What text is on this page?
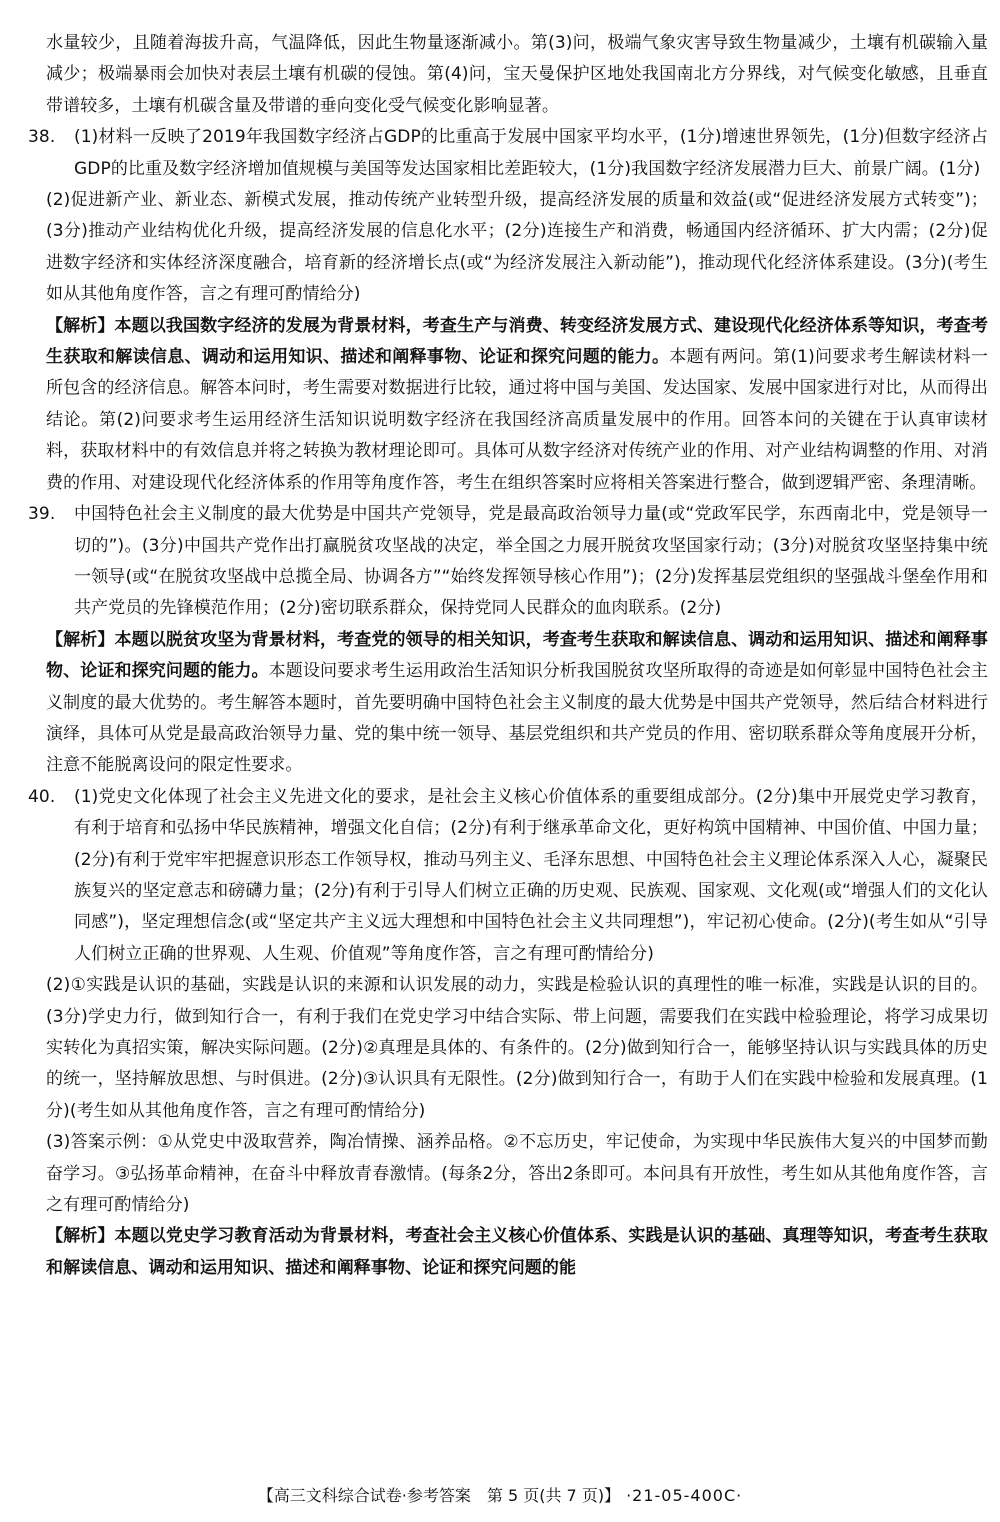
水量较少，且随着海拔升高，气温降低，因此生物量逐渐减小。第(3)问，极端气象灾害导致生物量减少，土壤有机碳输入量减少；极端暴雨会加快对表层土壤有机碳的侵蚀。第(4)问，宝天曼保护区地处我国南北方分界线，对气候变化敏感，且垂直带谱较多，土壤有机碳含量及带谱的垂向变化受气候变化影响显著。

38. (1)材料一反映了2019年我国数字经济占GDP的比重高于发展中国家平均水平，(1分)增速世界领先，(1分)但数字经济占GDP的比重及数字经济增加值规模与美国等发达国家相比差距较大，(1分)我国数字经济发展潜力巨大、前景广阔。(1分)

(2)促进新产业、新业态、新模式发展，推动传统产业转型升级，提高经济发展的质量和效益(或“促进经济发展方式转变”)；(3分)推动产业结构优化升级，提高经济发展的信息化水平；(2分)连接生产和消费，畅通国内经济循环、扩大内需；(2分)促进数字经济和实体经济深度融合，培育新的经济增长点(或“为经济发展注入新动能”)，推动现代化经济体系建设。(3分)(考生如从其他角度作答，言之有理可酌情给分)

【解析】本题以我国数字经济的发展为背景材料，考查生产与消费、转变经济发展方式、建设现代化经济体系等知识，考查考生获取和解读信息、调动和运用知识、描述和阐释事物、论证和探究问题的能力。本题有两问。第(1)问要求考生解读材料一所包含的经济信息。解答本问时，考生需要对数据进行比较，通过将中国与美国、发达国家、发展中国家进行对比，从而得出结论。第(2)问要求考生运用经济生活知识说明数字经济在我国经济高质量发展中的作用。回答本问的关键在于认真审读材料，获取材料中的有效信息并将之转换为教材理论即可。具体可从数字经济对传统产业的作用、对产业结构调整的作用、对消费的作用、对建设现代化经济体系的作用等角度作答，考生在组织答案时应将相关答案进行整合，做到逻辑严密、条理清晰。

39. 中国特色社会主义制度的最大优势是中国共产党领导，党是最高政治领导力量(或“党政军民学，东西南北中，党是领导一切的”)。(3分)中国共产党作出打赢脱贫攻坚战的决定，举全国之力展开脱贫攻坚国家行动；(3分)对脱贫攻坚坚持集中统一领导(或“在脱贫攻坚战中总揽全局、协调各方”“始终发挥领导核心作用”)；(2分)发挥基层党组织的坚强战斗堡垒作用和共产党员的先锋模范作用；(2分)密切联系群众，保持党同人民群众的血肉联系。(2分)

【解析】本题以脱贫攻坚为背景材料，考查党的领导的相关知识，考查考生获取和解读信息、调动和运用知识、描述和阐释事物、论证和探究问题的能力。本题设问要求考生运用政治生活知识分析我国脱贫攻坚所取得的奇迹是如何彰显中国特色社会主义制度的最大优势的。考生解答本题时，首先要明确中国特色社会主义制度的最大优势是中国共产党领导，然后结合材料进行演绎，具体可从党是最高政治领导力量、党的集中统一领导、基层党组织和共产党员的作用、密切联系群众等角度展开分析，注意不能脱离设问的限定性要求。

40. (1)党史文化体现了社会主义先进文化的要求，是社会主义核心价值体系的重要组成部分。(2分)集中开展党史学习教育，有利于培育和弘扬中华民族精神，增强文化自信；(2分)有利于继承革命文化，更好构筑中国精神、中国价值、中国力量；(2分)有利于党牢牢把握意识形态工作领导权，推动马列主义、毛泽东思想、中国特色社会主义理论体系深入人心，凝聚民族复兴的坚定意志和磅礴力量；(2分)有利于引导人们树立正确的历史观、民族观、国家观、文化观(或“增强人们的文化认同感”)，坚定理想信念(或“坚定共产主义远大理想和中国特色社会主义共同理想”)，牢记初心使命。(2分)(考生如从“引导人们树立正确的世界观、人生观、价值观”等角度作答，言之有理可酌情给分)

(2)①实践是认识的基础，实践是认识的来源和认识发展的动力，实践是检验认识的真理性的唯一标准，实践是认识的目的。(3分)学史力行，做到知行合一，有利于我们在党史学习中结合实际、带上问题，需要我们在实践中检验理论，将学习成果切实转化为真招实策，解决实际问题。(2分)②真理是具体的、有条件的。(2分)做到知行合一，能够坚持认识与实践具体的历史的统一，坚持解放思想、与时俱进。(2分)③认识具有无限性。(2分)做到知行合一，有助于人们在实践中检验和发展真理。(1分)(考生如从其他角度作答，言之有理可酌情给分)

(3)答案示例：①从党史中汲取营养，陶冶情操、涵养品格。②不忘历史，牢记使命，为实现中华民族伟大复兴的中国梦而勤奋学习。③弘扬革命精神，在奋斗中释放青春激情。(每条2分，答出2条即可。本问具有开放性，考生如从其他角度作答，言之有理可酌情给分)

【解析】本题以党史学习教育活动为背景材料，考查社会主义核心价值体系、实践是认识的基础、真理等知识，考查考生获取和解读信息、调动和运用知识、描述和阐释事物、论证和探究问题的能

【高三文科综合试卷·参考答案　第 5 页(共 7 页)】 ·21-05-400C·
